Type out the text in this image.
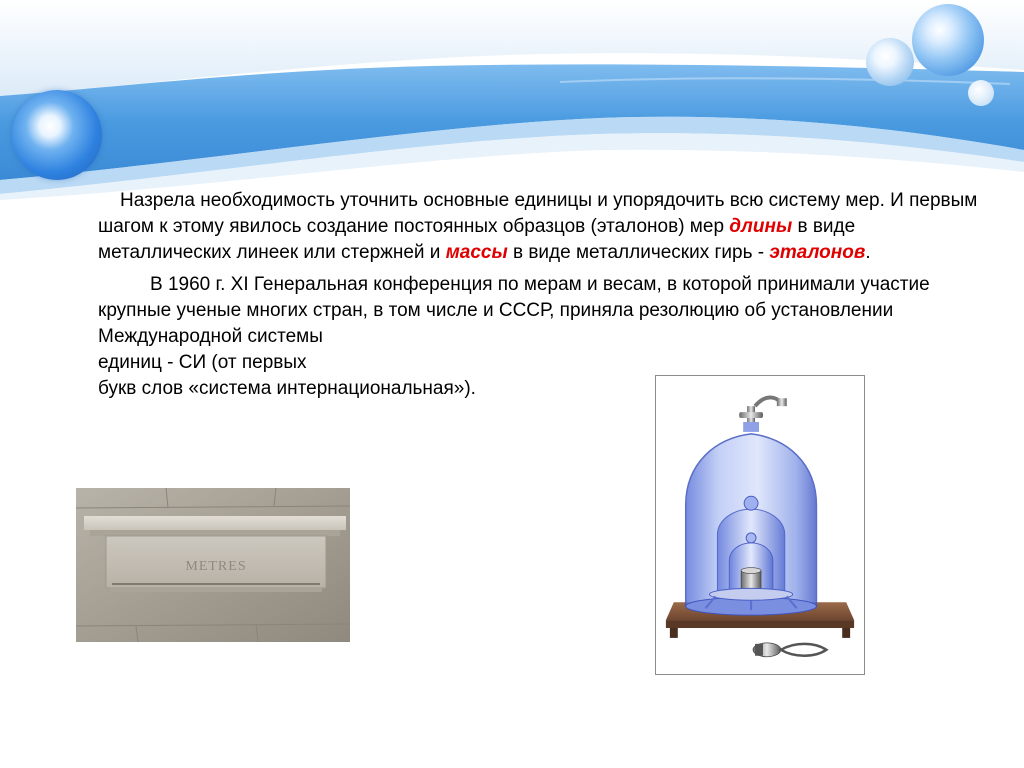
Назрела необходимость уточнить основные единицы и упорядочить всю систему мер. И первым шагом к этому явилось создание постоянных образцов (эталонов) мер длины в виде металлических линеек или стержней и массы в виде металлических гирь - эталонов.

В 1960 г. XI Генеральная конференция по мерам и весам, в которой принимали участие крупные ученые многих стран, в том числе и СССР, приняла резолюцию об установлении Международной системы
единиц - СИ (от первых
букв слов «система интернациональная»).

METRES
